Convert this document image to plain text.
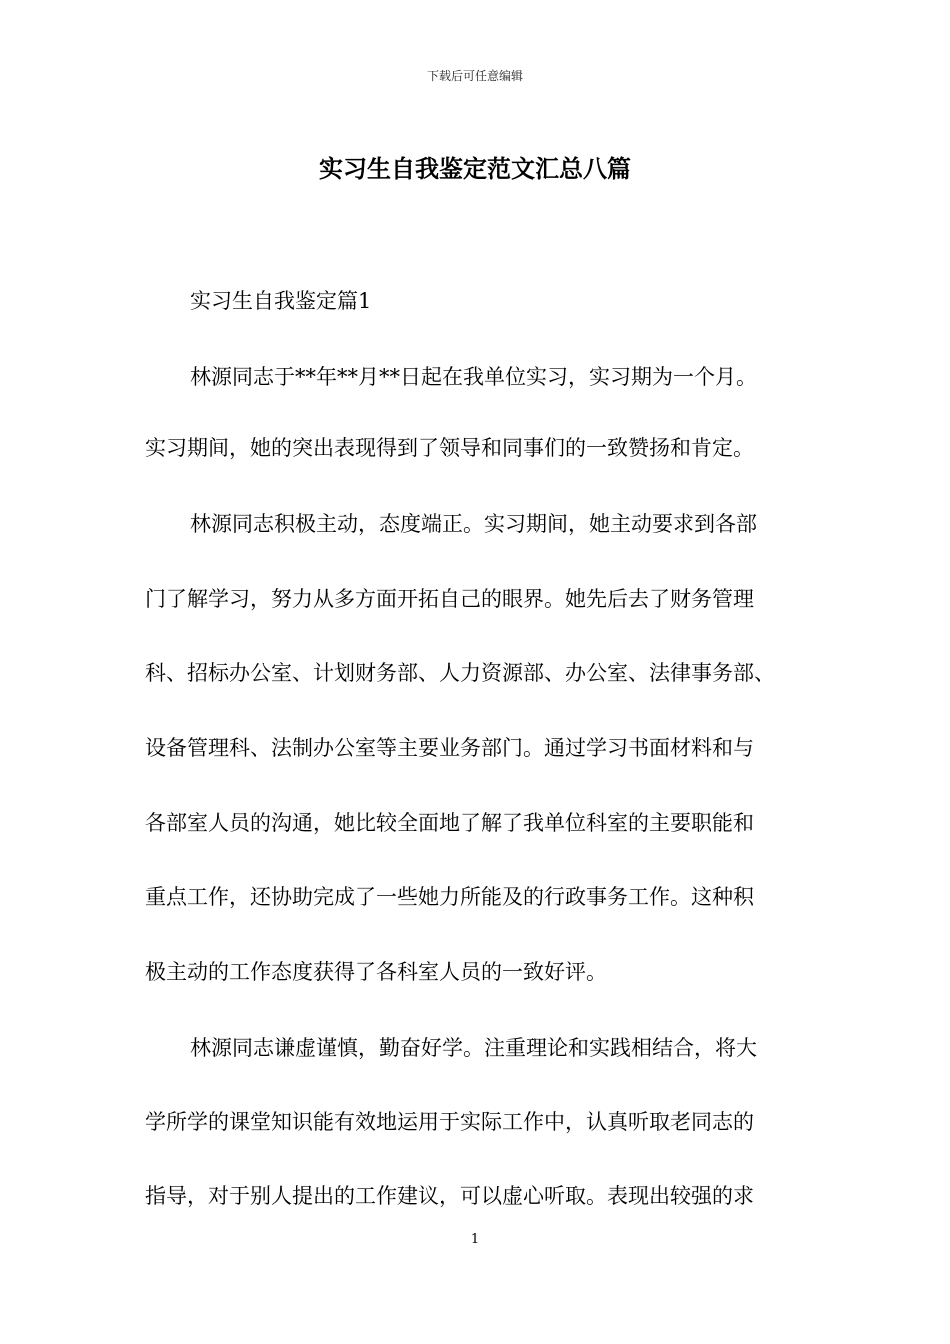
下载后可任意编辑
实习生自我鉴定范文汇总八篇

实习生自我鉴定篇1

林源同志于**年**月**日起在我单位实习，实习期为一个月。

实习期间，她的突出表现得到了领导和同事们的一致赞扬和肯定。

林源同志积极主动，态度端正。实习期间，她主动要求到各部

门了解学习，努力从多方面开拓自己的眼界。她先后去了财务管理

科、招标办公室、计划财务部、人力资源部、办公室、法律事务部、

设备管理科、法制办公室等主要业务部门。通过学习书面材料和与

各部室人员的沟通，她比较全面地了解了我单位科室的主要职能和

重点工作，还协助完成了一些她力所能及的行政事务工作。这种积

极主动的工作态度获得了各科室人员的一致好评。

林源同志谦虚谨慎，勤奋好学。注重理论和实践相结合，将大

学所学的课堂知识能有效地运用于实际工作中，认真听取老同志的

指导，对于别人提出的工作建议，可以虚心听取。表现出较强的求

1
